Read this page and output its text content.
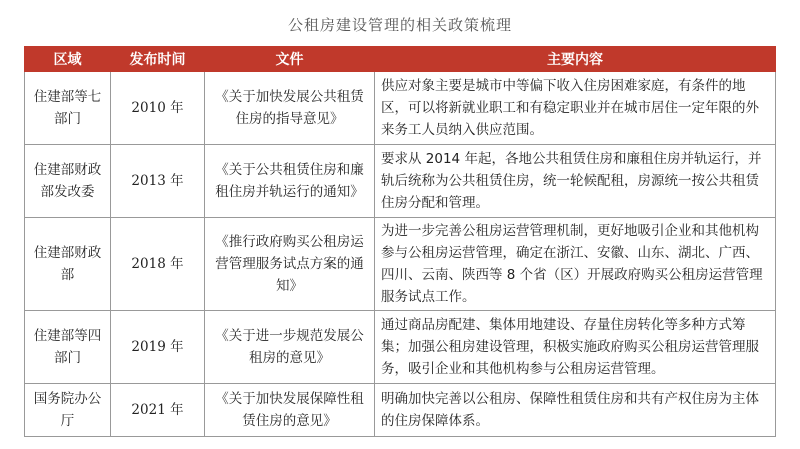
公租房建设管理的相关政策梳理
区域	发布时间	文件	主要内容
住建部等七部门	2010 年	《关于加快发展公共租赁住房的指导意见》	供应对象主要是城市中等偏下收入住房困难家庭，有条件的地区，可以将新就业职工和有稳定职业并在城市居住一定年限的外来务工人员纳入供应范围。
住建部财政部发改委	2013 年	《关于公共租赁住房和廉租住房并轨运行的通知》	要求从 2014 年起，各地公共租赁住房和廉租住房并轨运行，并轨后统称为公共租赁住房，统一轮候配租，房源统一按公共租赁住房分配和管理。
住建部财政部	2018 年	《推行政府购买公租房运营管理服务试点方案的通知》	为进一步完善公租房运营管理机制，更好地吸引企业和其他机构参与公租房运营管理，确定在浙江、安徽、山东、湖北、广西、四川、云南、陕西等 8 个省（区）开展政府购买公租房运营管理服务试点工作。
住建部等四部门	2019 年	《关于进一步规范发展公租房的意见》	通过商品房配建、集体用地建设、存量住房转化等多种方式筹集；加强公租房建设管理，积极实施政府购买公租房运营管理服务，吸引企业和其他机构参与公租房运营管理。
国务院办公厅	2021 年	《关于加快发展保障性租赁住房的意见》	明确加快完善以公租房、保障性租赁住房和共有产权住房为主体的住房保障体系。
